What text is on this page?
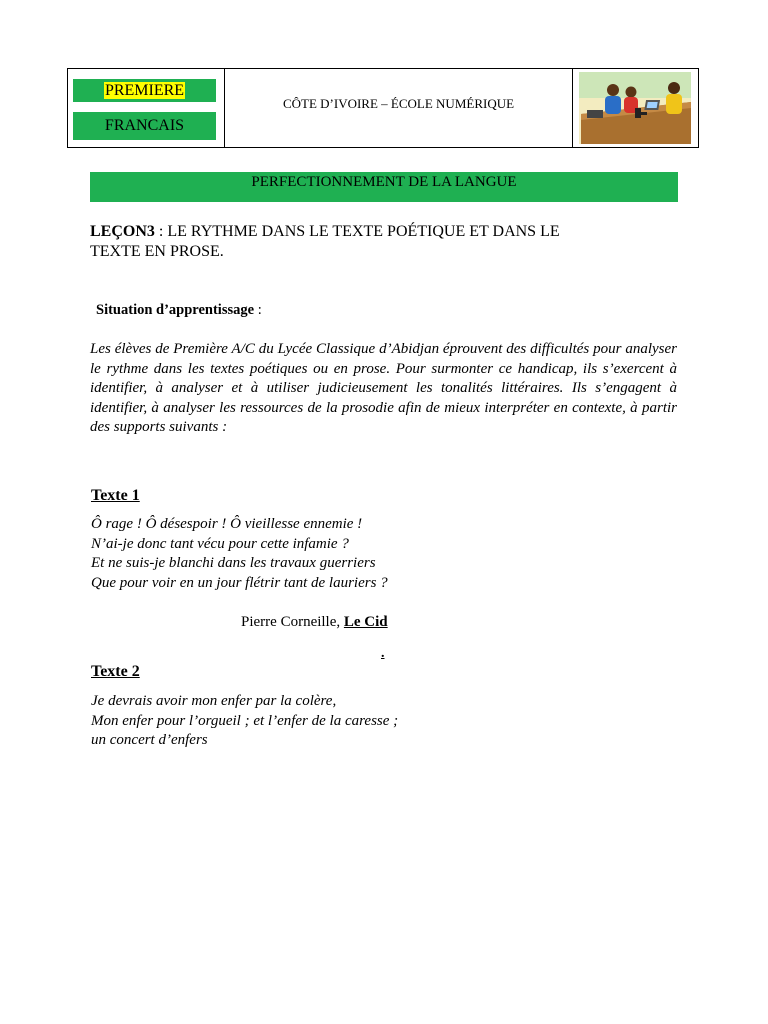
PREMIERE
FRANCAIS
CÔTE D’IVOIRE – ÉCOLE NUMÉRIQUE
PERFECTIONNEMENT DE LA LANGUE
LEÇON3 : LE RYTHME DANS LE TEXTE POÉTIQUE ET DANS LE
TEXTE EN PROSE.
Situation d’apprentissage :
Les élèves de Première A/C du Lycée Classique d’Abidjan éprouvent des difficultés pour analyser le rythme dans les textes poétiques ou en prose. Pour surmonter ce handicap, ils s’exercent à identifier, à analyser et à utiliser judicieusement les tonalités littéraires. Ils s’engagent à identifier, à analyser les ressources de la prosodie afin de mieux interpréter en contexte, à partir des supports suivants :
Texte 1
Ô rage ! Ô désespoir ! Ô vieillesse ennemie !
N’ai-je donc tant vécu pour cette infamie ?
Et ne suis-je blanchi dans les travaux guerriers
Que pour voir en un jour flétrir tant de lauriers ?
Pierre Corneille, Le Cid
.
Texte 2
Je devrais avoir mon enfer par la colère,
Mon enfer pour l’orgueil ; et l’enfer de la caresse ;
un concert d’enfers
